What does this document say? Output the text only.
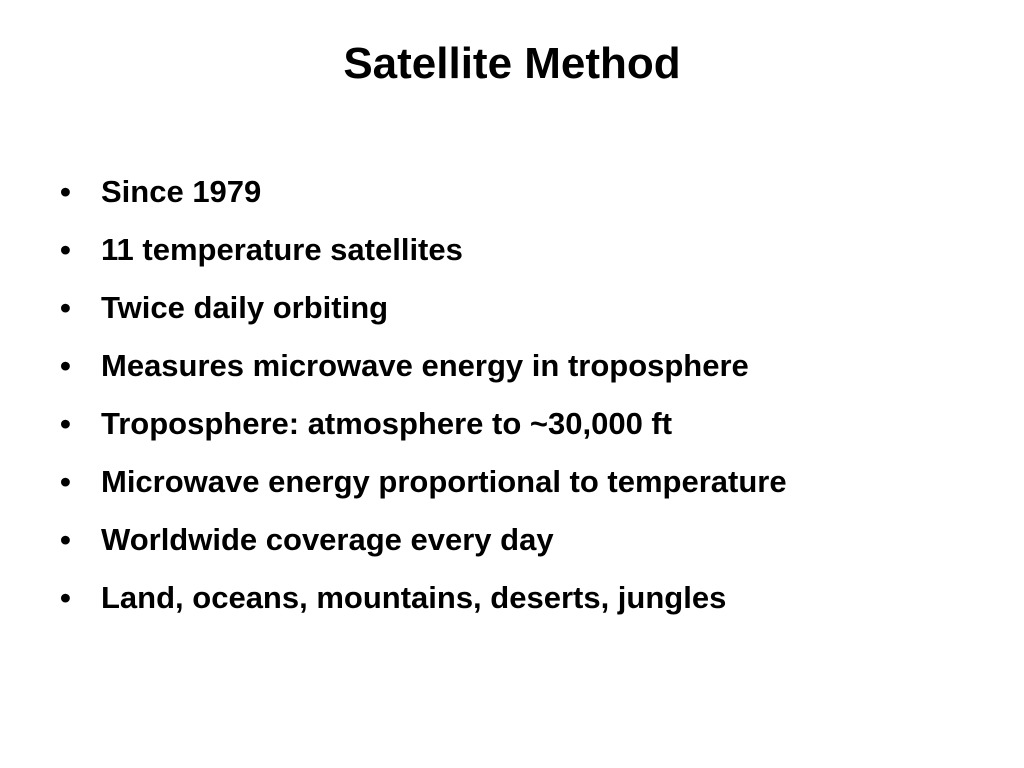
Satellite Method
• Since 1979
• 11 temperature satellites
• Twice daily orbiting
• Measures microwave energy in troposphere
• Troposphere: atmosphere to ~30,000 ft
• Microwave energy proportional to temperature
• Worldwide coverage every day
• Land, oceans, mountains, deserts, jungles
